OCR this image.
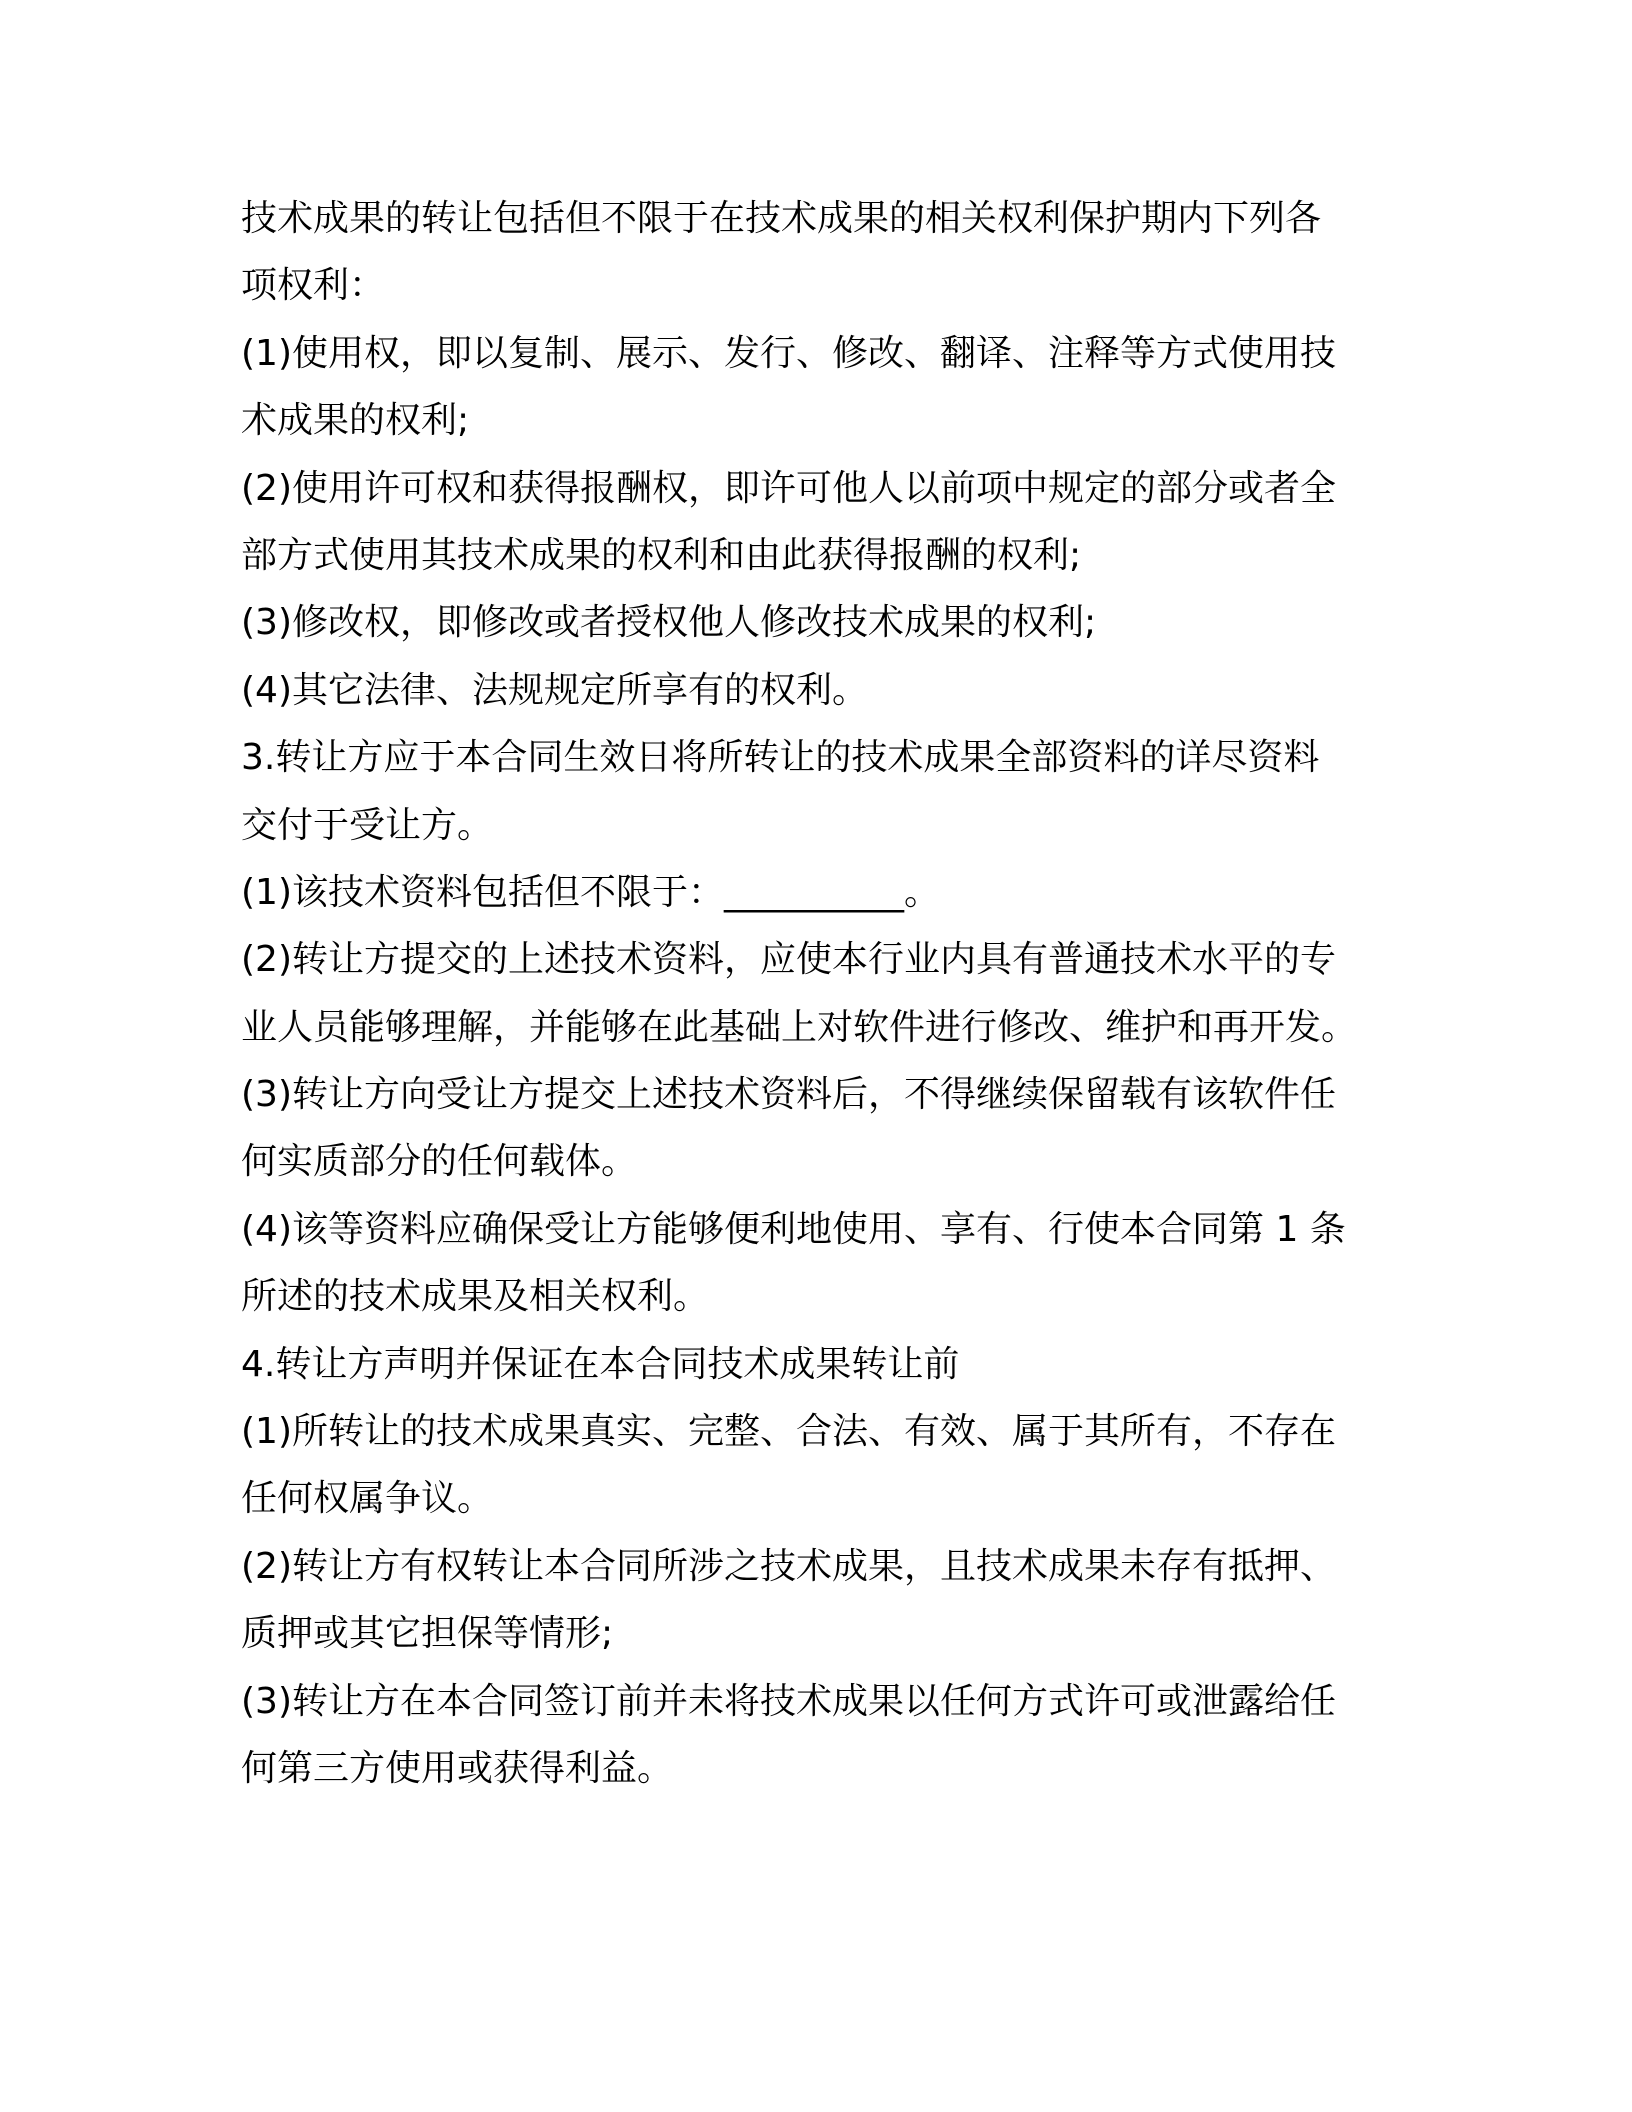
技术成果的转让包括但不限于在技术成果的相关权利保护期内下列各
项权利：
(1)使用权，即以复制、展示、发行、修改、翻译、注释等方式使用技
术成果的权利;
(2)使用许可权和获得报酬权，即许可他人以前项中规定的部分或者全
部方式使用其技术成果的权利和由此获得报酬的权利;
(3)修改权，即修改或者授权他人修改技术成果的权利;
(4)其它法律、法规规定所享有的权利。
3.转让方应于本合同生效日将所转让的技术成果全部资料的详尽资料
交付于受让方。
(1)该技术资料包括但不限于：__________。
(2)转让方提交的上述技术资料，应使本行业内具有普通技术水平的专
业人员能够理解，并能够在此基础上对软件进行修改、维护和再开发。
(3)转让方向受让方提交上述技术资料后，不得继续保留载有该软件任
何实质部分的任何载体。
(4)该等资料应确保受让方能够便利地使用、享有、行使本合同第 1 条
所述的技术成果及相关权利。
4.转让方声明并保证在本合同技术成果转让前
(1)所转让的技术成果真实、完整、合法、有效、属于其所有，不存在
任何权属争议。
(2)转让方有权转让本合同所涉之技术成果，且技术成果未存有抵押、
质押或其它担保等情形;
(3)转让方在本合同签订前并未将技术成果以任何方式许可或泄露给任
何第三方使用或获得利益。
